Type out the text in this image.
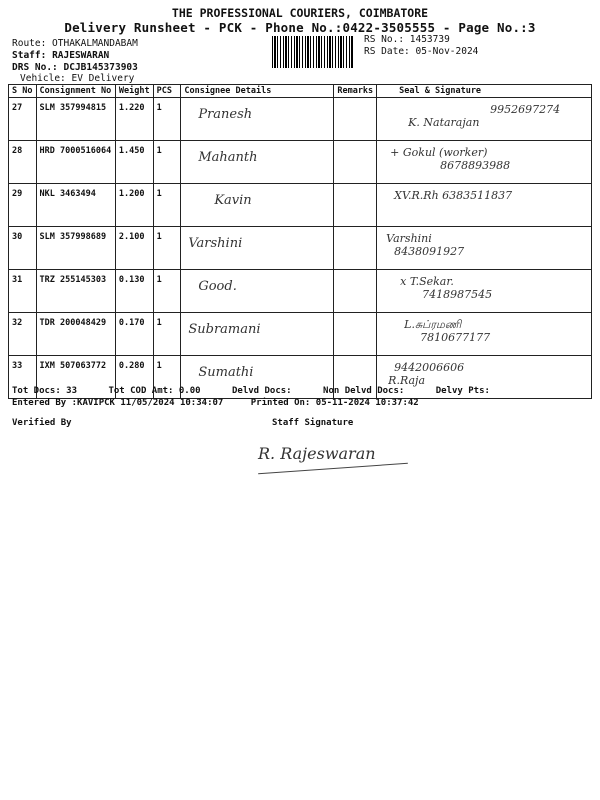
THE PROFESSIONAL COURIERS, COIMBATORE
Delivery Runsheet - PCK - Phone No.:0422-3505555 - Page No.:3
Route: OTHAKALMANDABAM
Staff: RAJESWARAN
DRS No.: DCJB145373903
Vehicle: EV Delivery
RS No.: 1453739
RS Date: 05-Nov-2024
S No	Consignment No	Weight	PCS	Consignee Details	Remarks	Seal & Signature
27	SLM 357994815	1.220	1	Pranesh		9952697274
K. Natarajan

28	HRD 7000516064	1.450	1	Mahanth		+ Gokul (worker)
8678893988

29	NKL 3463494	1.200	1	Kavin		XV.R.Rh 6383511837

30	SLM 357998689	2.100	1	Varshini		Varshini
8438091927

31	TRZ 255145303	0.130	1	Good.		x T.Sekar.
7418987545

32	TDR 200048429	0.170	1	Subramani		L.சுப்ரமணி
7810677177

33	IXM 507063772	0.280	1	Sumathi		9442006606
R.Raja
Tot Docs: 33	Tot COD Amt: 0.00	Delvd Docs:	Non Delvd Docs:	Delvy Pts:
Entered By :KAVIPCK 11/05/2024 10:34:07	Printed On: 05-11-2024 10:37:42
Verified By	Staff Signature
R. Rajeswaran
